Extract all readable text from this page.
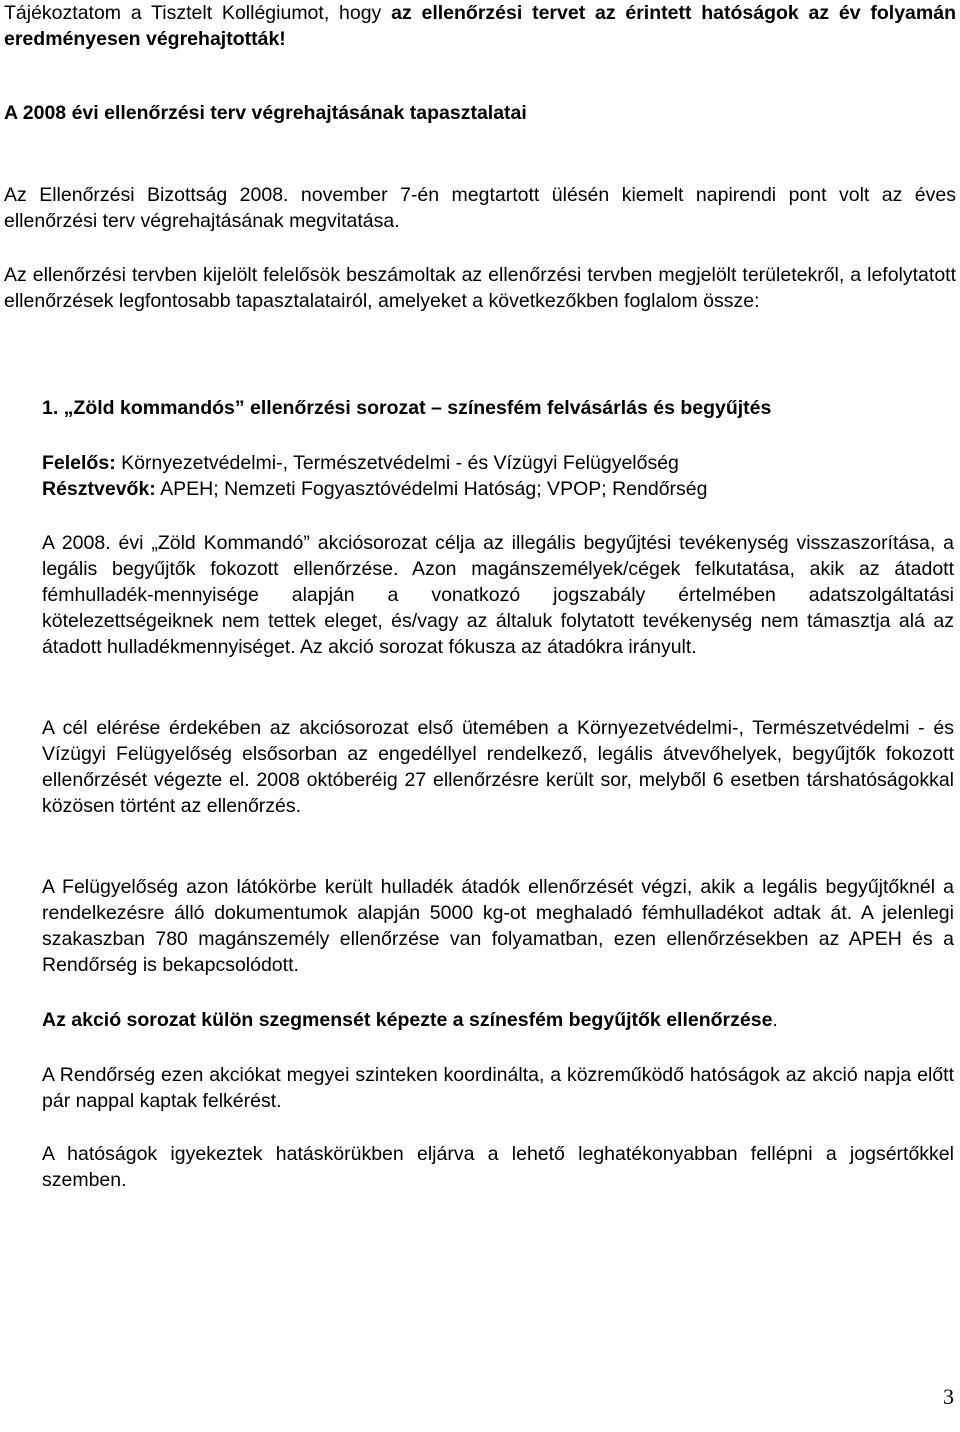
Tájékoztatom a Tisztelt Kollégiumot, hogy az ellenőrzési tervet az érintett hatóságok az év folyamán eredményesen végrehajtották!

A 2008 évi ellenőrzési terv végrehajtásának tapasztalatai

Az Ellenőrzési Bizottság 2008. november 7-én megtartott ülésén kiemelt napirendi pont volt az éves ellenőrzési terv végrehajtásának megvitatása.

Az ellenőrzési tervben kijelölt felelősök beszámoltak az ellenőrzési tervben megjelölt területekről, a lefolytatott ellenőrzések legfontosabb tapasztalatairól, amelyeket a következőkben foglalom össze:

1. „Zöld kommandós” ellenőrzési sorozat – színesfém felvásárlás és begyűjtés

Felelős: Környezetvédelmi-, Természetvédelmi - és Vízügyi Felügyelőség

Résztvevők: APEH; Nemzeti Fogyasztóvédelmi Hatóság; VPOP; Rendőrség

A 2008. évi „Zöld Kommandó” akciósorozat célja az illegális begyűjtési tevékenység visszaszorítása, a legális begyűjtők fokozott ellenőrzése. Azon magánszemélyek/cégek felkutatása, akik az átadott fémhulladék-mennyisége alapján a vonatkozó jogszabály értelmében adatszolgáltatási kötelezettségeiknek nem tettek eleget, és/vagy az általuk folytatott tevékenység nem támasztja alá az átadott hulladékmennyiséget. Az akció sorozat fókusza az átadókra irányult.

A cél elérése érdekében az akciósorozat első ütemében a Környezetvédelmi-, Természetvédelmi - és Vízügyi Felügyelőség elsősorban az engedéllyel rendelkező, legális átvevőhelyek, begyűjtők fokozott ellenőrzését végezte el. 2008 októberéig 27 ellenőrzésre került sor, melyből 6 esetben társhatóságokkal közösen történt az ellenőrzés.

A Felügyelőség azon látókörbe került hulladék átadók ellenőrzését végzi, akik a legális begyűjtőknél a rendelkezésre álló dokumentumok alapján 5000 kg-ot meghaladó fémhulladékot adtak át. A jelenlegi szakaszban 780 magánszemély ellenőrzése van folyamatban, ezen ellenőrzésekben az APEH és a Rendőrség is bekapcsolódott.

Az akció sorozat külön szegmensét képezte a színesfém begyűjtők ellenőrzése.

A Rendőrség ezen akciókat megyei szinteken koordinálta, a közreműködő hatóságok az akció napja előtt pár nappal kaptak felkérést.

A hatóságok igyekeztek hatáskörükben eljárva a lehető leghatékonyabban fellépni a jogsértőkkel szemben.

3
